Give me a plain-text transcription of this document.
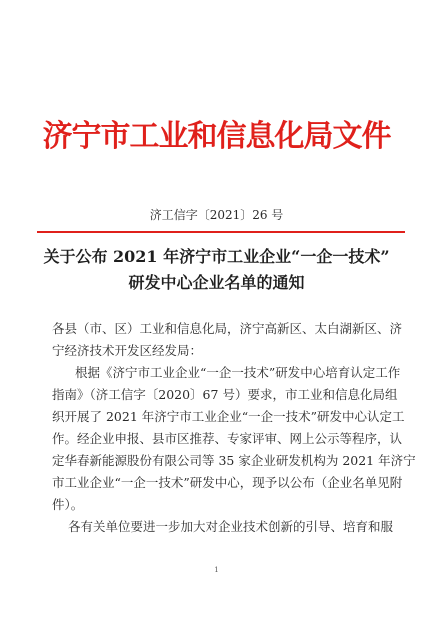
济宁市工业和信息化局文件
济工信字〔2021〕26 号
关于公布 2021 年济宁市工业企业“一企一技术”
研发中心企业名单的通知
各县（市、区）工业和信息化局，济宁高新区、太白湖新区、济
宁经济技术开发区经发局：
根据《济宁市工业企业“一企一技术”研发中心培育认定工作
指南》（济工信字〔2020〕67 号）要求，市工业和信息化局组
织开展了 2021 年济宁市工业企业“一企一技术”研发中心认定工
作。经企业申报、县市区推荐、专家评审、网上公示等程序，认
定华春新能源股份有限公司等 35 家企业研发机构为 2021 年济宁
市工业企业“一企一技术”研发中心，现予以公布（企业名单见附
件）。
各有关单位要进一步加大对企业技术创新的引导、培育和服
1
